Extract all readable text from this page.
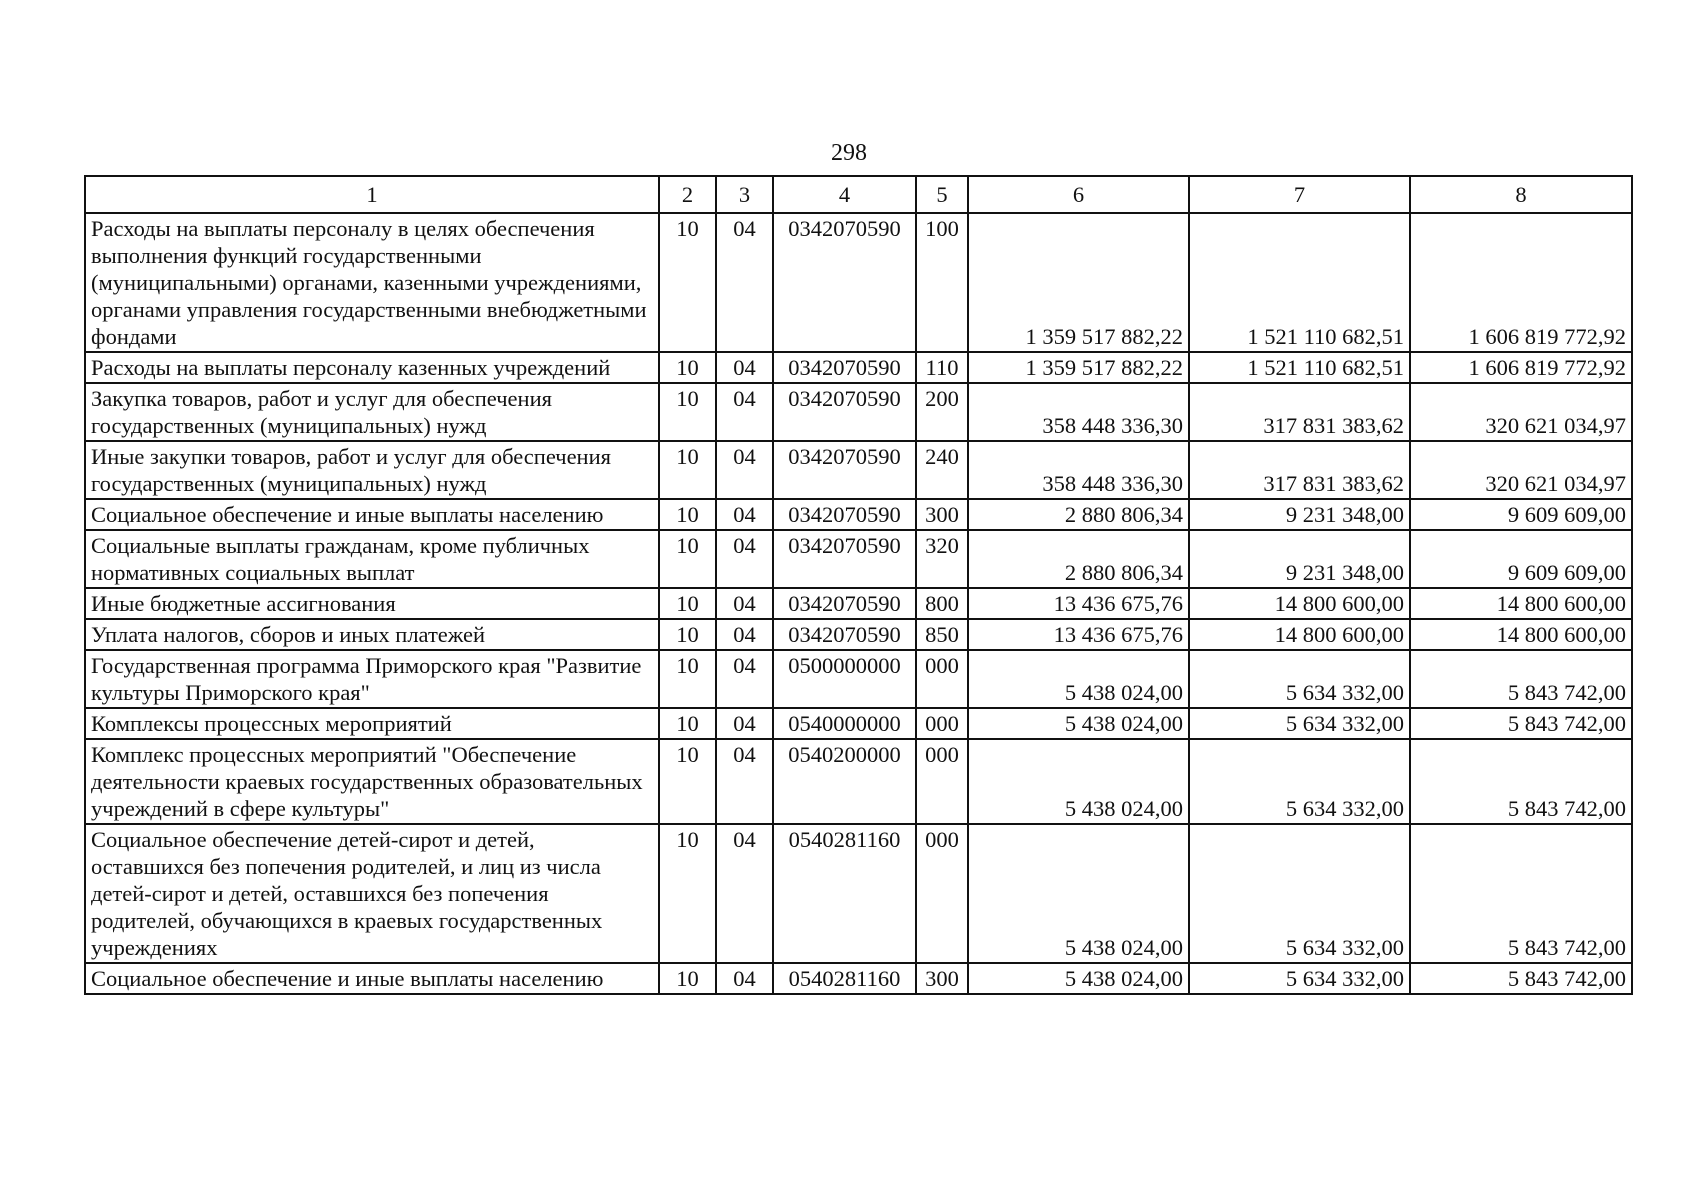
298
1	2	3	4	5	6	7	8
Расходы на выплаты персоналу в целях обеспечения выполнения функций государственными (муниципальными) органами, казенными учреждениями, органами управления государственными внебюджетными фондами	10	04	0342070590	100	1 359 517 882,22	1 521 110 682,51	1 606 819 772,92
Расходы на выплаты персоналу казенных учреждений	10	04	0342070590	110	1 359 517 882,22	1 521 110 682,51	1 606 819 772,92
Закупка товаров, работ и услуг для обеспечения государственных (муниципальных) нужд	10	04	0342070590	200	358 448 336,30	317 831 383,62	320 621 034,97
Иные закупки товаров, работ и услуг для обеспечения государственных (муниципальных) нужд	10	04	0342070590	240	358 448 336,30	317 831 383,62	320 621 034,97
Социальное обеспечение и иные выплаты населению	10	04	0342070590	300	2 880 806,34	9 231 348,00	9 609 609,00
Социальные выплаты гражданам, кроме публичных нормативных социальных выплат	10	04	0342070590	320	2 880 806,34	9 231 348,00	9 609 609,00
Иные бюджетные ассигнования	10	04	0342070590	800	13 436 675,76	14 800 600,00	14 800 600,00
Уплата налогов, сборов и иных платежей	10	04	0342070590	850	13 436 675,76	14 800 600,00	14 800 600,00
Государственная программа Приморского края "Развитие культуры Приморского края"	10	04	0500000000	000	5 438 024,00	5 634 332,00	5 843 742,00
Комплексы процессных мероприятий	10	04	0540000000	000	5 438 024,00	5 634 332,00	5 843 742,00
Комплекс процессных мероприятий "Обеспечение деятельности краевых государственных образовательных учреждений в сфере культуры"	10	04	0540200000	000	5 438 024,00	5 634 332,00	5 843 742,00
Социальное обеспечение детей-сирот и детей, оставшихся без попечения родителей, и лиц из числа детей-сирот и детей, оставшихся без попечения родителей, обучающихся в краевых государственных учреждениях	10	04	0540281160	000	5 438 024,00	5 634 332,00	5 843 742,00
Социальное обеспечение и иные выплаты населению	10	04	0540281160	300	5 438 024,00	5 634 332,00	5 843 742,00
